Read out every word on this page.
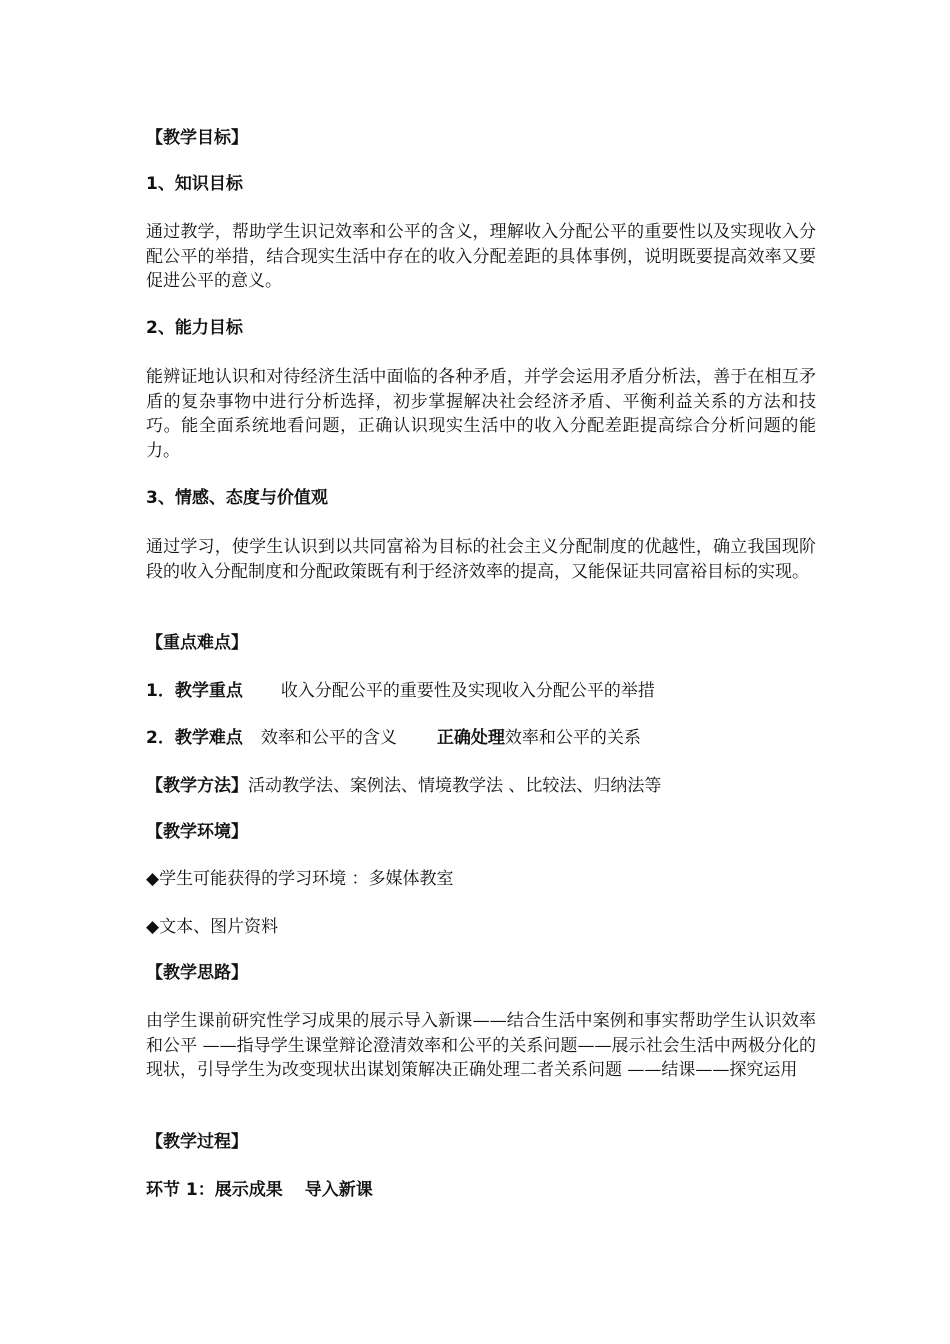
【教学目标】

1、知识目标

通过教学，帮助学生识记效率和公平的含义，理解收入分配公平的重要性以及实现收入分配公平的举措，结合现实生活中存在的收入分配差距的具体事例，说明既要提高效率又要促进公平的意义。

2、能力目标

能辨证地认识和对待经济生活中面临的各种矛盾，并学会运用矛盾分析法，善于在相互矛盾的复杂事物中进行分析选择，初步掌握解决社会经济矛盾、平衡利益关系的方法和技巧。能全面系统地看问题，正确认识现实生活中的收入分配差距提高综合分析问题的能力。

3、情感、态度与价值观

通过学习，使学生认识到以共同富裕为目标的社会主义分配制度的优越性，确立我国现阶段的收入分配制度和分配政策既有利于经济效率的提高，又能保证共同富裕目标的实现。

【重点难点】

1．教学重点 收入分配公平的重要性及实现收入分配公平的举措

2．教学难点 效率和公平的含义 正确处理效率和公平的关系

【教学方法】活动教学法、案例法、情境教学法 、比较法、归纳法等

【教学环境】

◆学生可能获得的学习环境 ：多媒体教室

◆文本、图片资料

【教学思路】

由学生课前研究性学习成果的展示导入新课——结合生活中案例和事实帮助学生认识效率和公平 ——指导学生课堂辩论澄清效率和公平的关系问题——展示社会生活中两极分化的现状，引导学生为改变现状出谋划策解决正确处理二者关系问题 ——结课——探究运用

【教学过程】

环节 1：展示成果 导入新课
